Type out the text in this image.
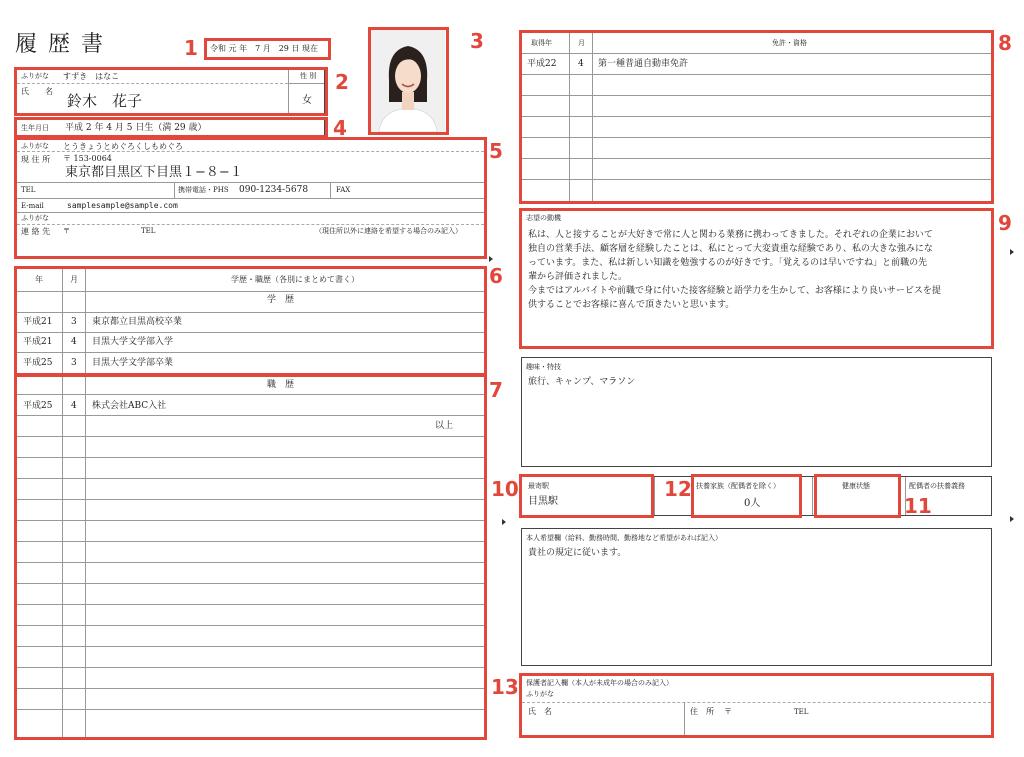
履 歴 書	令和 元 年　7 月　29 日 現在
ふりがな すずき　はなこ	性 別
氏　　名
鈴木　花子	女
生年月日 平成 2 年 4 月 5 日生（満 29 歳）
ふりがな とうきょうとめぐろくしもめぐろ
現 住 所 〒 153-0064
東京都目黒区下目黒１−８−１
TEL	携帯電話・PHS 090-1234-5678	FAX
E-mail	samplesample@sample.com
ふりがな
連 絡 先 〒	TEL	（現住所以外に連絡を希望する場合のみ記入）
年	月	学歴・職歴（各別にまとめて書く）
学　歴
平成21 3 東京都立目黒高校卒業
平成21 4 目黒大学文学部入学
平成25 3 目黒大学文学部卒業
職　歴
平成25 4 株式会社ABC入社
以上
取得年	月	免許・資格
平成22 4 第一種普通自動車免許
志望の動機
私は、人と接することが大好きで常に人と関わる業務に携わってきました。それぞれの企業において
独自の営業手法、顧客層を経験したことは、私にとって大変貴重な経験であり、私の大きな強みにな
っています。また、私は新しい知識を勉強するのが好きです。「覚えるのは早いですね」と前職の先
輩から評価されました。
今まではアルバイトや前職で身に付いた接客経験と語学力を生かして、お客様により良いサービスを提
供することでお客様に喜んで頂きたいと思います。
趣味・特技
旅行、キャンプ、マラソン
最寄駅
目黒駅
扶養家族（配偶者を除く）
0人
健康状態	配偶者の扶養義務
本人希望欄（給料、勤務時間、勤務地など希望があれば記入）
貴社の規定に従います。
保護者記入欄（本人が未成年の場合のみ記入）
ふりがな
氏　名	住　所 〒	TEL
1
2
3
4
5
6
7
8
9
10
11
12
13
